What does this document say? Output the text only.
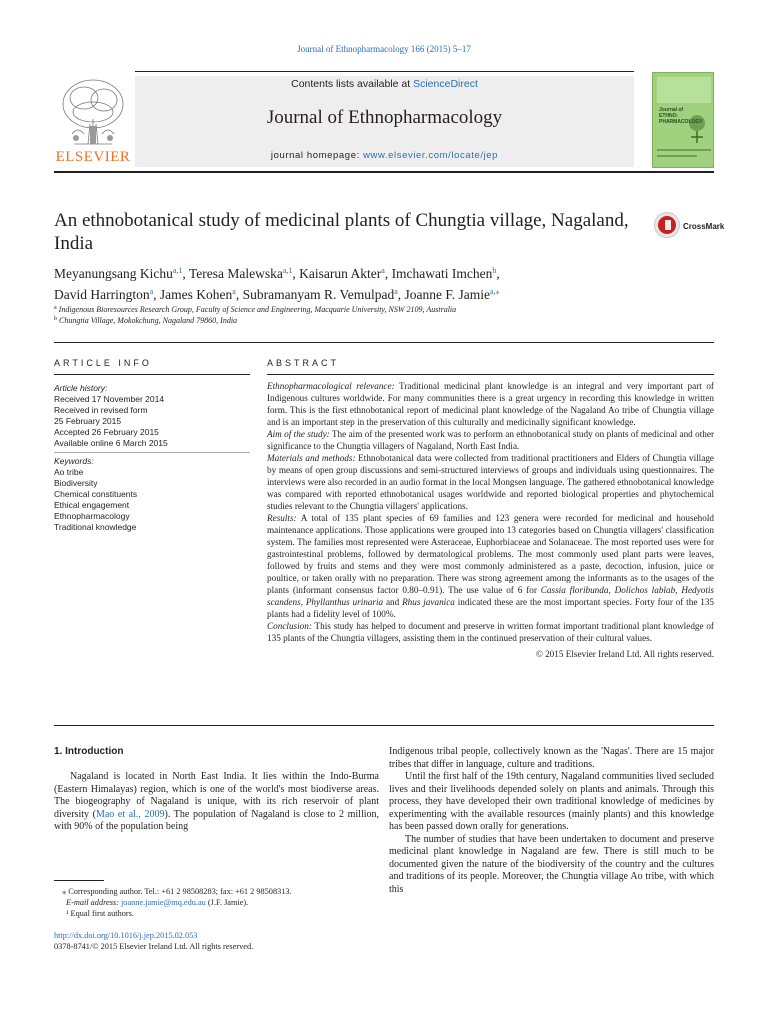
Journal of Ethnopharmacology 166 (2015) 5–17
Contents lists available at ScienceDirect
Journal of Ethnopharmacology
journal homepage: www.elsevier.com/locate/jep
ELSEVIER
Journal of
ETHNO-
PHARMACOLOGY
An ethnobotanical study of medicinal plants of Chungtia village, Nagaland, India
CrossMark
Meyanungsang Kichu$^{a,1}$, Teresa Malewska$^{a,1}$, Kaisarun Akter$^a$, Imchawati Imchen$^b$,
David Harrington$^a$, James Kohen$^a$, Subramanyam R. Vemulpad$^a$, Joanne F. Jamie$^{a,⁎}$
$^a$ Indigenous Bioresources Research Group, Faculty of Science and Engineering, Macquarie University, NSW 2109, Australia
$^b$ Chungtia Village, Mokokchung, Nagaland 79860, India
ARTICLE INFO	ABSTRACT
Article history:
Received 17 November 2014
Received in revised form
25 February 2015
Accepted 26 February 2015
Available online 6 March 2015
Keywords:
Ao tribe
Biodiversity
Chemical constituents
Ethical engagement
Ethnopharmacology
Traditional knowledge

Ethnopharmacological relevance: Traditional medicinal plant knowledge is an integral and very important part of Indigenous cultures worldwide. For many communities there is a great urgency in recording this knowledge in written form. This is the first ethnobotanical report of medicinal plant knowledge of the Nagaland Ao tribe of Chungtia village and is an important step in the preservation of this culturally and medicinally significant knowledge.

Aim of the study: The aim of the presented work was to perform an ethnobotanical study on plants of medicinal and other significance to the Chungtia villagers of Nagaland, North East India.

Materials and methods: Ethnobotanical data were collected from traditional practitioners and Elders of Chungtia village by means of open group discussions and semi-structured interviews of groups and individuals using questionnaires. The interviews were also recorded in an audio format in the local Mongsen language. The gathered ethnobotanical knowledge was compared with reported ethnobotanical usages worldwide and reported biological properties and phytochemical studies relevant to the Chungtia villagers' applications.

Results: A total of 135 plant species of 69 families and 123 genera were recorded for medicinal and household maintenance applications. Those applications were grouped into 13 categories based on Chungtia villagers' classification system. The families most represented were Asteraceae, Euphorbiaceae and Solanaceae. The most reported uses were for gastrointestinal problems, followed by dermatological problems. The most commonly used plant parts were leaves, followed by fruits and stems and they were most commonly administered as a paste, decoction, infusion, juice or poultice, or taken orally with no preparation. There was strong agreement among the informants as to the usages of the plants (informant consensus factor 0.80–0.91). The use value of 6 for Cassia floribunda, Dolichos lablab, Hedyotis scandens, Phyllanthus urinaria and Rhus javanica indicated these are the most important species. Forty four of the 135 plants had a fidelity level of 100%.

Conclusion: This study has helped to document and preserve in written format important traditional plant knowledge of 135 plants of the Chungtia villagers, assisting them in the continued preservation of their cultural values.

© 2015 Elsevier Ireland Ltd. All rights reserved.

1. Introduction

Nagaland is located in North East India. It lies within the Indo-Burma (Eastern Himalayas) region, which is one of the world's most biodiverse areas. The biogeography of Nagaland is unique, with its rich reservoir of plant diversity (Mao et al., 2009). The population of Nagaland is close to 2 million, with 90% of the population being

Indigenous tribal people, collectively known as the 'Nagas'. There are 15 major tribes that differ in language, culture and traditions.

Until the first half of the 19th century, Nagaland communities lived secluded lives and their livelihoods depended solely on plants and animals. Through this process, they have developed their own traditional knowledge of medicines by experimenting with the available resources (mainly plants) and this knowledge has been passed down orally for generations.

The number of studies that have been undertaken to document and preserve medicinal plant knowledge in Nagaland are few. There is still much to be documented given the nature of the biodiversity of the country and the cultures and traditions of its people. Moreover, the Chungtia village Ao tribe, with which this

⁎ Corresponding author. Tel.: +61 2 98508283; fax: +61 2 98508313.
E-mail address: joanne.jamie@mq.edu.au (J.F. Jamie).
¹ Equal first authors.
http://dx.doi.org/10.1016/j.jep.2015.02.053
0378-8741/© 2015 Elsevier Ireland Ltd. All rights reserved.
